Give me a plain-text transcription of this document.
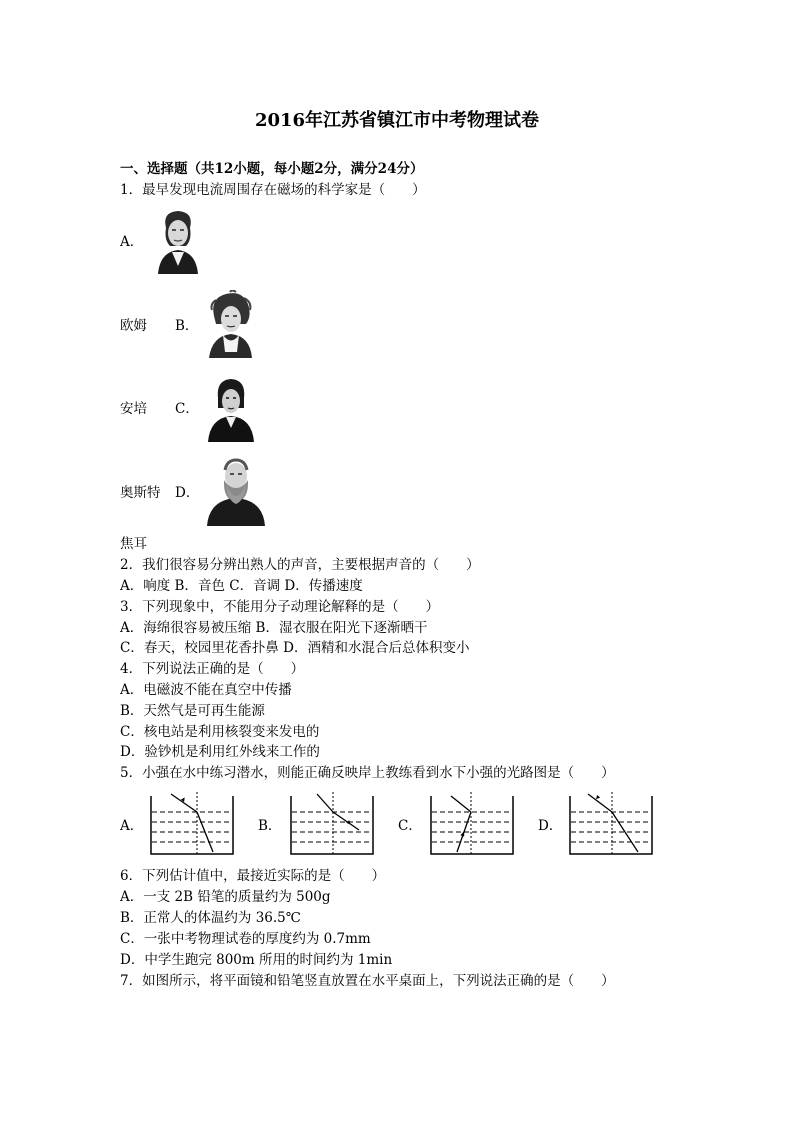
2016年江苏省镇江市中考物理试卷
一、选择题（共12小题，每小题2分，满分24分）
1．最早发现电流周围存在磁场的科学家是（　　）
A．
欧姆 B．
安培 C．
奥斯特 D．
焦耳
2．我们很容易分辨出熟人的声音，主要根据声音的（　　）
A．响度 B．音色 C．音调 D．传播速度
3．下列现象中，不能用分子动理论解释的是（　　）
A．海绵很容易被压缩 B．湿衣服在阳光下逐渐晒干
C．春天，校园里花香扑鼻 D．酒精和水混合后总体积变小
4．下列说法正确的是（　　）
A．电磁波不能在真空中传播
B．天然气是可再生能源
C．核电站是利用核裂变来发电的
D．验钞机是利用红外线来工作的
5．小强在水中练习潜水，则能正确反映岸上教练看到水下小强的光路图是（　　）
A．	B．	C．	D．
6．下列估计值中，最接近实际的是（　　）
A．一支 2B 铅笔的质量约为 500g
B．正常人的体温约为 36.5℃
C．一张中考物理试卷的厚度约为 0.7mm
D．中学生跑完 800m 所用的时间约为 1min
7．如图所示，将平面镜和铅笔竖直放置在水平桌面上，下列说法正确的是（　　）
